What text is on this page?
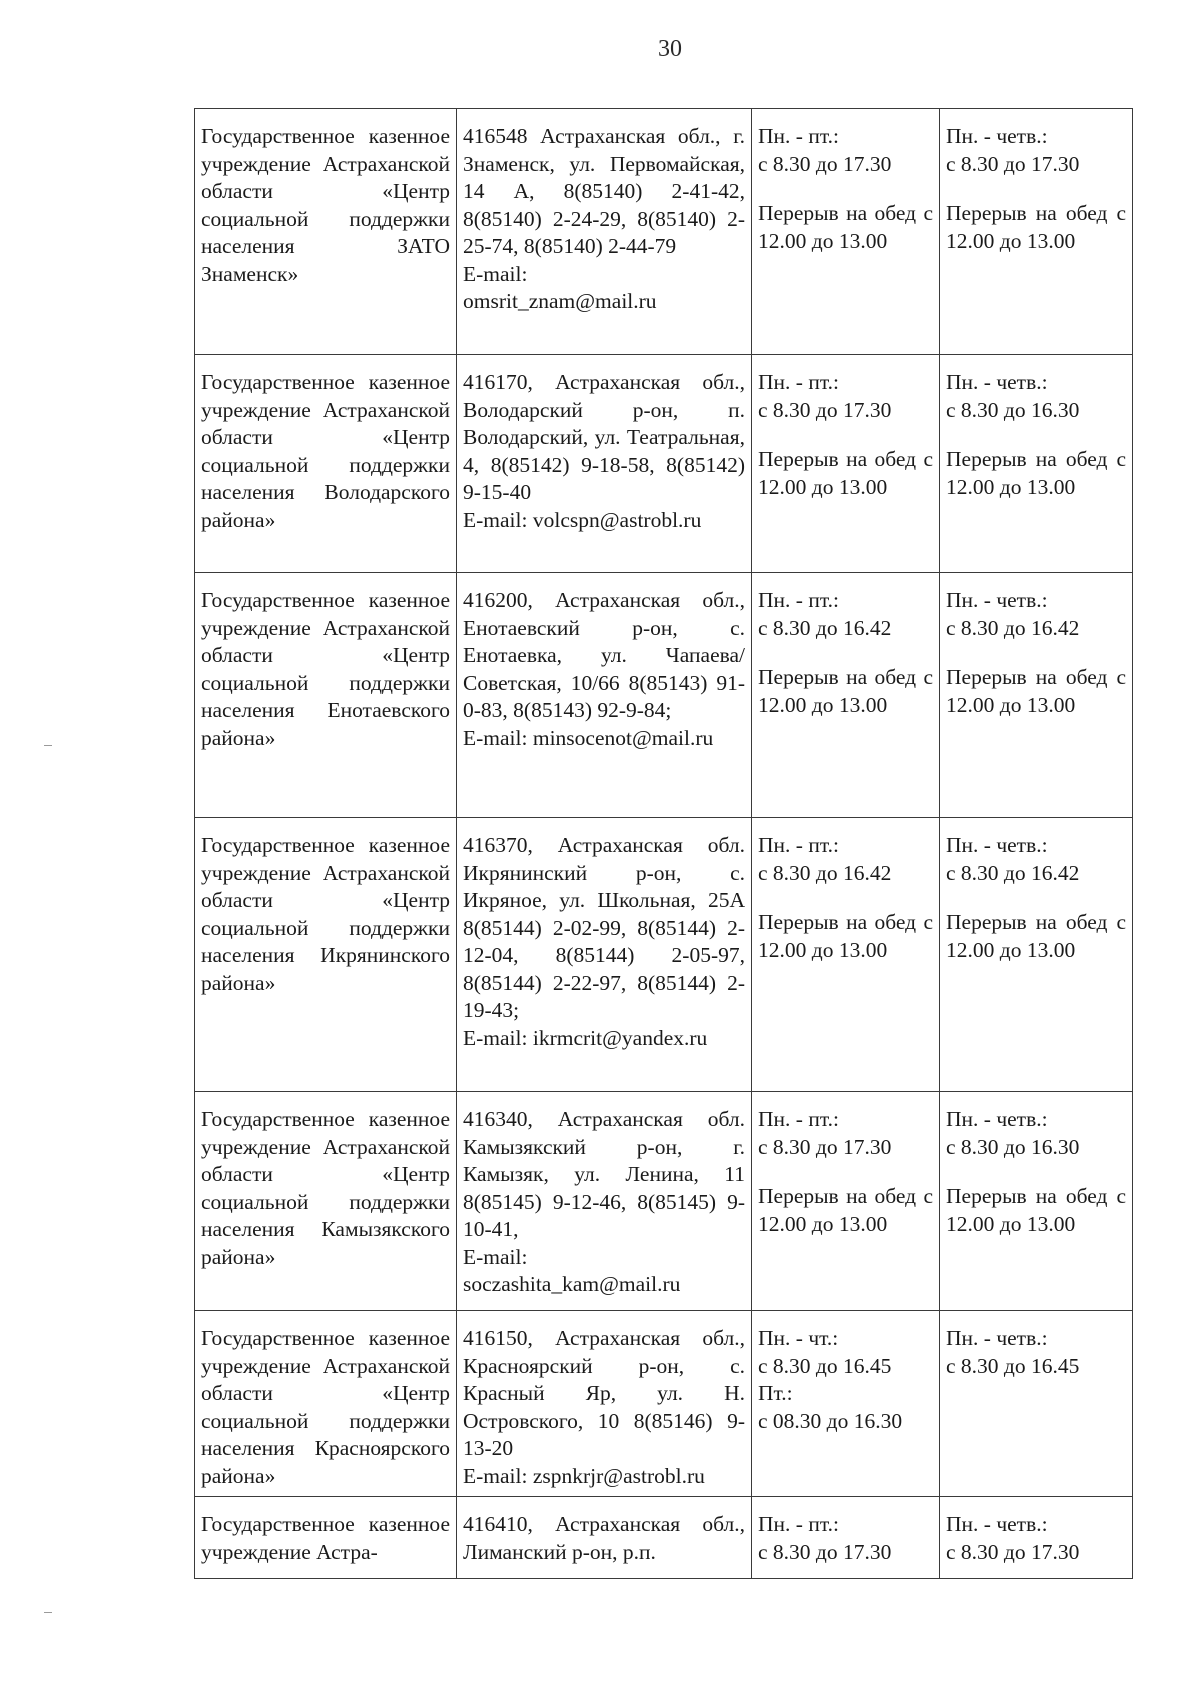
30
Государственное казенное учреждение Астраханской области «Центр социальной поддержки населения ЗАТО Знаменск»	416548 Астраханская обл., г. Знаменск, ул. Первомайская, 14 А, 8(85140) 2-41-42, 8(85140) 2-24-29, 8(85140) 2-25-74, 8(85140) 2-44-79
E-mail:
omsrit_znam@mail.ru	Пн. - пт.:
с 8.30 до 17.30
Перерыв на обед с 12.00 до 13.00	Пн. - четв.:
с 8.30 до 17.30
Перерыв на обед с 12.00 до 13.00

Государственное казенное учреждение Астраханской области «Центр социальной поддержки населения Володарского района»	416170, Астраханская обл., Володарский р-он, п. Володарский, ул. Театральная, 4, 8(85142) 9-18-58, 8(85142) 9-15-40
E-mail: volcspn@astrobl.ru	Пн. - пт.:
с 8.30 до 17.30
Перерыв на обед с 12.00 до 13.00	Пн. - четв.:
с 8.30 до 16.30
Перерыв на обед с 12.00 до 13.00

Государственное казенное учреждение Астраханской области «Центр социальной поддержки населения Енотаевского района»	416200, Астраханская обл., Енотаевский р-он, с. Енотаевка, ул. Чапаева/Советская, 10/66 8(85143) 91-0-83, 8(85143) 92-9-84;
E-mail: minsocenot@mail.ru	Пн. - пт.:
с 8.30 до 16.42
Перерыв на обед с 12.00 до 13.00	Пн. - четв.:
с 8.30 до 16.42
Перерыв на обед с 12.00 до 13.00

Государственное казенное учреждение Астраханской области «Центр социальной поддержки населения Икрянинского района»	416370, Астраханская обл. Икрянинский р-он, с. Икряное, ул. Школьная, 25А 8(85144) 2-02-99, 8(85144) 2-12-04, 8(85144) 2-05-97, 8(85144) 2-22-97, 8(85144) 2-19-43;
E-mail: ikrmcrit@yandex.ru	Пн. - пт.:
с 8.30 до 16.42
Перерыв на обед с 12.00 до 13.00	Пн. - четв.:
с 8.30 до 16.42
Перерыв на обед с 12.00 до 13.00

Государственное казенное учреждение Астраханской области «Центр социальной поддержки населения Камызякского района»	416340, Астраханская обл. Камызякский р-он, г. Камызяк, ул. Ленина, 11 8(85145) 9-12-46, 8(85145) 9-10-41,
E-mail: soczashita_kam@mail.ru	Пн. - пт.:
с 8.30 до 17.30
Перерыв на обед с 12.00 до 13.00	Пн. - четв.:
с 8.30 до 16.30
Перерыв на обед с 12.00 до 13.00

Государственное казенное учреждение Астраханской области «Центр социальной поддержки населения Красноярского района»	416150, Астраханская обл., Красноярский р-он, с. Красный Яр, ул. Н. Островского, 10 8(85146) 9-13-20
E-mail: zspnkrjr@astrobl.ru	Пн. - чт.:
с 8.30 до 16.45
Пт.:
с 08.30 до 16.30	Пн. - четв.:
с 8.30 до 16.45

Государственное казенное учреждение Астра-	416410, Астраханская обл., Лиманский р-он, р.п.	Пн. - пт.:
с 8.30 до 17.30	Пн. - четв.:
с 8.30 до 17.30
